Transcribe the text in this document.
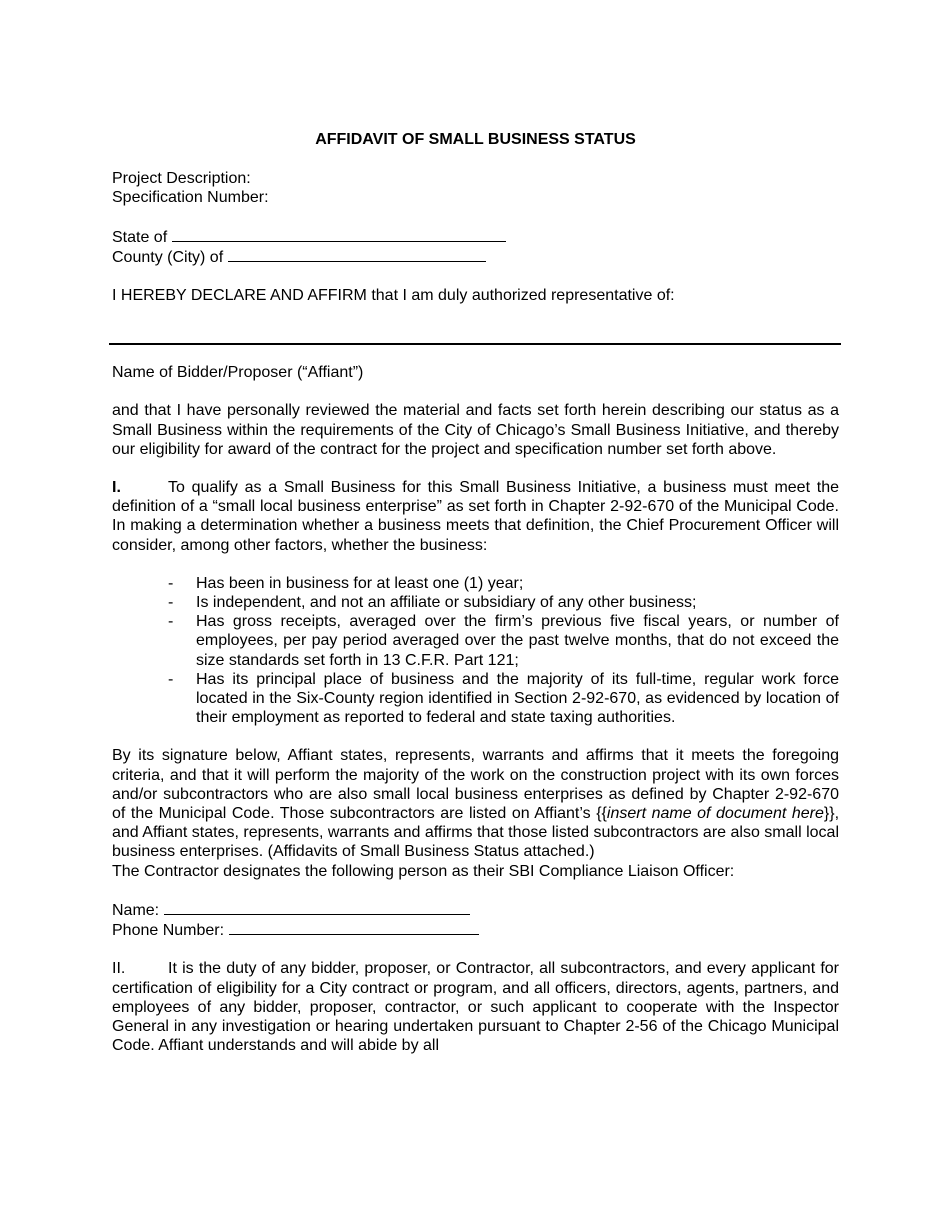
AFFIDAVIT OF SMALL BUSINESS STATUS

Project Description:

Specification Number:

State of

County (City) of

I HEREBY DECLARE AND AFFIRM that I am duly authorized representative of:

Name of Bidder/Proposer (“Affiant”)

and that I have personally reviewed the material and facts set forth herein describing our status as a Small Business within the requirements of the City of Chicago’s Small Business Initiative, and thereby our eligibility for award of the contract for the project and specification number set forth above.

I.	To qualify as a Small Business for this Small Business Initiative, a business must meet the definition of a “small local business enterprise” as set forth in Chapter 2-92-670 of the Municipal Code. In making a determination whether a business meets that definition, the Chief Procurement Officer will consider, among other factors, whether the business:

- Has been in business for at least one (1) year;
- Is independent, and not an affiliate or subsidiary of any other business;
- Has gross receipts, averaged over the firm’s previous five fiscal years, or number of employees, per pay period averaged over the past twelve months, that do not exceed the size standards set forth in 13 C.F.R. Part 121;
- Has its principal place of business and the majority of its full-time, regular work force located in the Six-County region identified in Section 2-92-670, as evidenced by location of their employment as reported to federal and state taxing authorities.

By its signature below, Affiant states, represents, warrants and affirms that it meets the foregoing criteria, and that it will perform the majority of the work on the construction project with its own forces and/or subcontractors who are also small local business enterprises as defined by Chapter 2-92-670 of the Municipal Code. Those subcontractors are listed on Affiant’s {{insert name of document here}}, and Affiant states, represents, warrants and affirms that those listed subcontractors are also small local business enterprises. (Affidavits of Small Business Status attached.)

The Contractor designates the following person as their SBI Compliance Liaison Officer:

Name:

Phone Number:

II.	It is the duty of any bidder, proposer, or Contractor, all subcontractors, and every applicant for certification of eligibility for a City contract or program, and all officers, directors, agents, partners, and employees of any bidder, proposer, contractor, or such applicant to cooperate with the Inspector General in any investigation or hearing undertaken pursuant to Chapter 2-56 of the Chicago Municipal Code. Affiant understands and will abide by all
